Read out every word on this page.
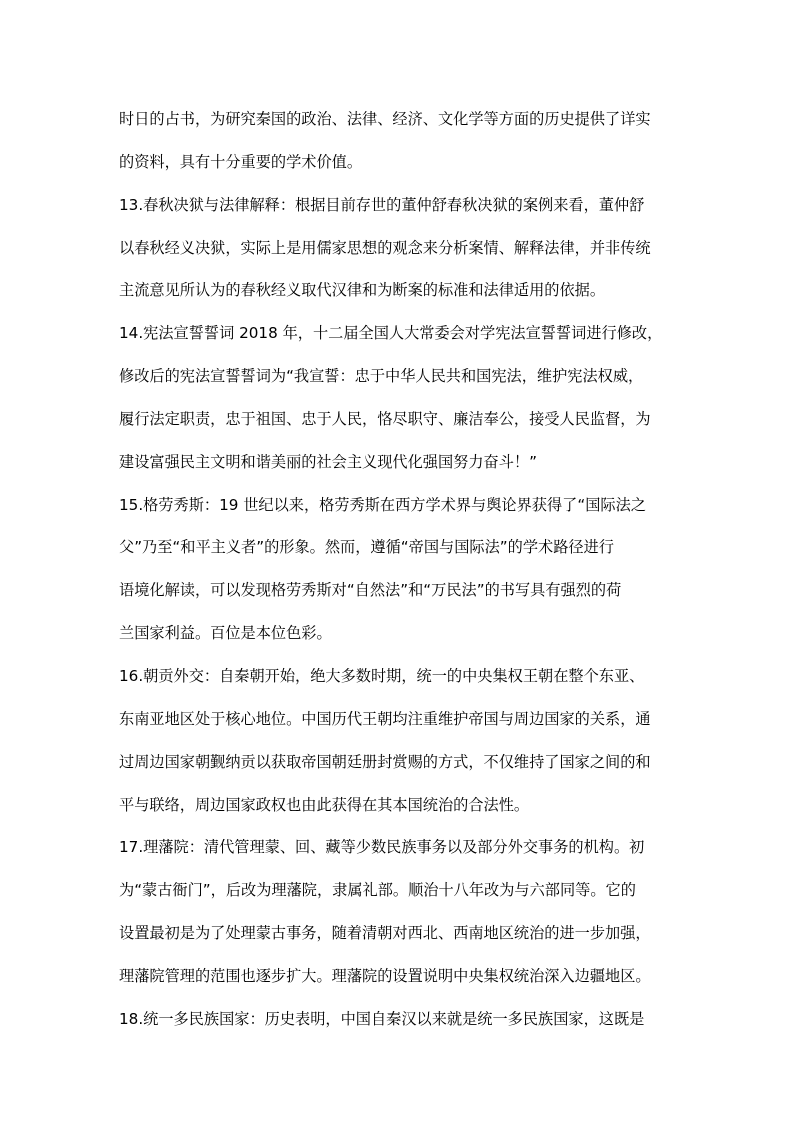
时日的占书，为研究秦国的政治、法律、经济、文化学等方面的历史提供了详实
的资料，具有十分重要的学术价值。
13.春秋决狱与法律解释：根据目前存世的董仲舒春秋决狱的案例来看，董仲舒
以春秋经义决狱，实际上是用儒家思想的观念来分析案情、解释法律，并非传统
主流意见所认为的春秋经义取代汉律和为断案的标准和法律适用的依据。
14.宪法宣誓誓词 2018 年，十二届全国人大常委会对学宪法宣誓誓词进行修改，
修改后的宪法宣誓誓词为“我宣誓：忠于中华人民共和国宪法，维护宪法权威，
履行法定职责，忠于祖国、忠于人民，恪尽职守、廉洁奉公，接受人民监督，为
建设富强民主文明和谐美丽的社会主义现代化强国努力奋斗！”
15.格劳秀斯：19 世纪以来，格劳秀斯在西方学术界与舆论界获得了“国际法之
父”乃至“和平主义者”的形象。然而，遵循“帝国与国际法”的学术路径进行
语境化解读，可以发现格劳秀斯对“自然法”和“万民法”的书写具有强烈的荷
兰国家利益。百位是本位色彩。
16.朝贡外交：自秦朝开始，绝大多数时期，统一的中央集权王朝在整个东亚、
东南亚地区处于核心地位。中国历代王朝均注重维护帝国与周边国家的关系，通
过周边国家朝觐纳贡以获取帝国朝廷册封赏赐的方式，不仅维持了国家之间的和
平与联络，周边国家政权也由此获得在其本国统治的合法性。
17.理藩院：清代管理蒙、回、藏等少数民族事务以及部分外交事务的机构。初
为“蒙古衙门”，后改为理藩院，隶属礼部。顺治十八年改为与六部同等。它的
设置最初是为了处理蒙古事务，随着清朝对西北、西南地区统治的进一步加强，
理藩院管理的范围也逐步扩大。理藩院的设置说明中央集权统治深入边疆地区。
18.统一多民族国家：历史表明，中国自秦汉以来就是统一多民族国家，这既是
